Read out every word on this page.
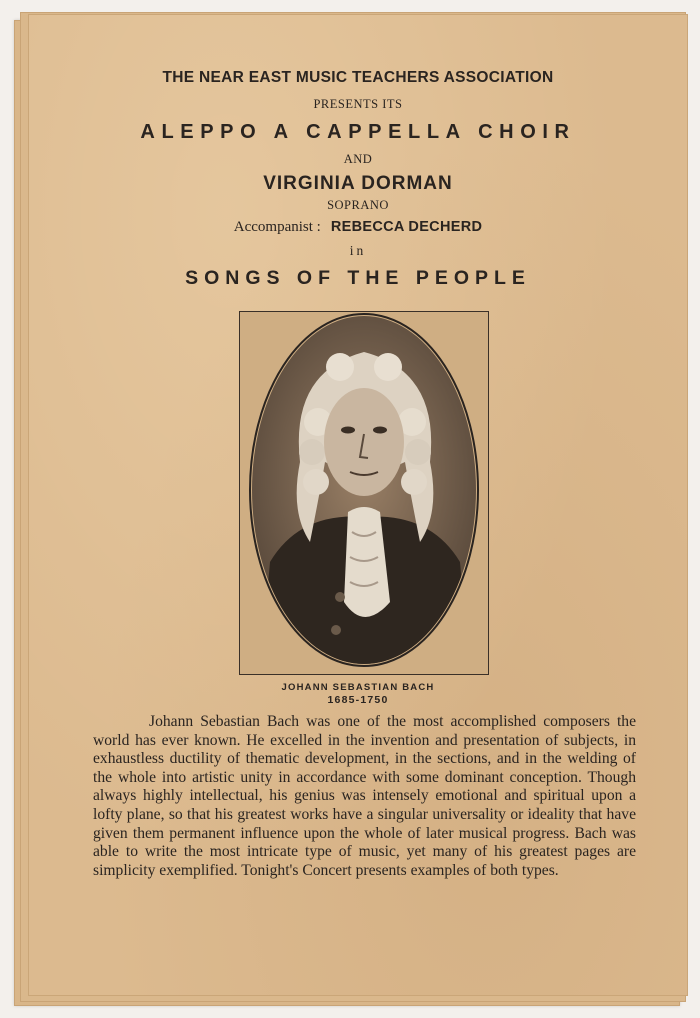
THE NEAR EAST MUSIC TEACHERS ASSOCIATION
PRESENTS ITS
ALEPPO A CAPPELLA CHOIR
AND
VIRGINIA DORMAN
SOPRANO
Accompanist : REBECCA DECHERD
in
SONGS OF THE PEOPLE
JOHANN SEBASTIAN BACH
1685-1750
Johann Sebastian Bach was one of the most accomplished composers the world has ever known. He excelled in the invention and presentation of subjects, in exhaustless ductility of thematic development, in the sections, and in the welding of the whole into artistic unity in accordance with some dominant conception. Though always highly intellectual, his genius was intensely emotional and spiritual upon a lofty plane, so that his greatest works have a singular universality or ideality that have given them permanent influence upon the whole of later musical progress. Bach was able to write the most intricate type of music, yet many of his greatest pages are simplicity exemplified. Tonight's Concert presents examples of both types.
